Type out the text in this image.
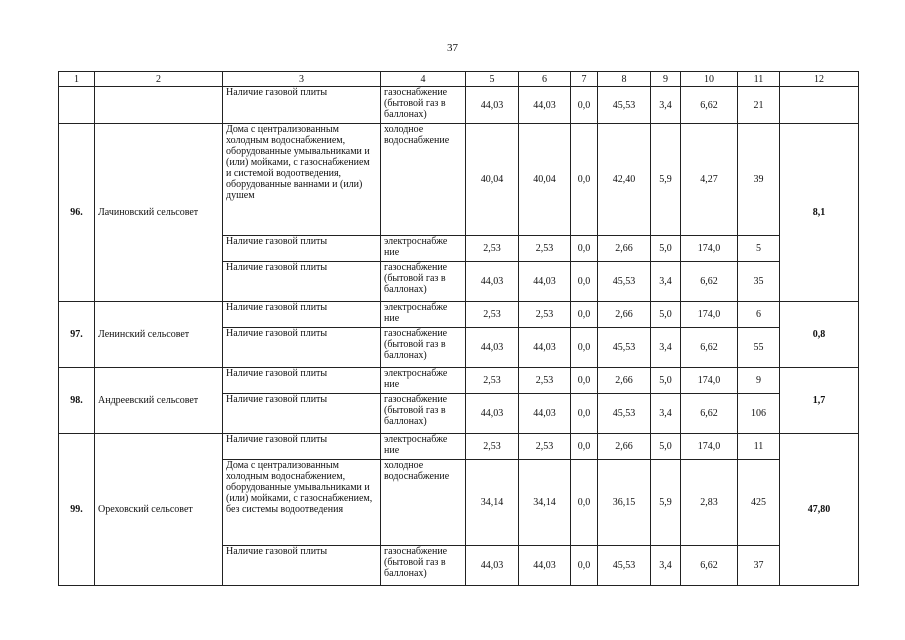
37
1	2	3	4	5	6	7	8	9	10	11	12
		Наличие газовой плиты	газоснабжение (бытовой газ в баллонах)	44,03	44,03	0,0	45,53	3,4	6,62	21	
96.	Лачиновский сельсовет	Дома с централизованным холодным водоснабжением, оборудованные умывальниками и (или) мойками, с газоснабжением и системой водоотведения, оборудованные ваннами и (или) душем	холодное водоснабжение	40,04	40,04	0,0	42,40	5,9	4,27	39	8,1
		Наличие газовой плиты	электроснабже ние	2,53	2,53	0,0	2,66	5,0	174,0	5	
		Наличие газовой плиты	газоснабжение (бытовой газ в баллонах)	44,03	44,03	0,0	45,53	3,4	6,62	35	
97.	Ленинский сельсовет	Наличие газовой плиты	электроснабже ние	2,53	2,53	0,0	2,66	5,0	174,0	6	0,8
		Наличие газовой плиты	газоснабжение (бытовой газ в баллонах)	44,03	44,03	0,0	45,53	3,4	6,62	55	
98.	Андреевский сельсовет	Наличие газовой плиты	электроснабже ние	2,53	2,53	0,0	2,66	5,0	174,0	9	1,7
		Наличие газовой плиты	газоснабжение (бытовой газ в баллонах)	44,03	44,03	0,0	45,53	3,4	6,62	106	
99.	Ореховский сельсовет	Наличие газовой плиты	электроснабже ние	2,53	2,53	0,0	2,66	5,0	174,0	11	47,80
		Дома с централизованным холодным водоснабжением, оборудованные умывальниками и (или) мойками, с газоснабжением, без системы водоотведения	холодное водоснабжение	34,14	34,14	0,0	36,15	5,9	2,83	425	
		Наличие газовой плиты	газоснабжение (бытовой газ в баллонах)	44,03	44,03	0,0	45,53	3,4	6,62	37	
